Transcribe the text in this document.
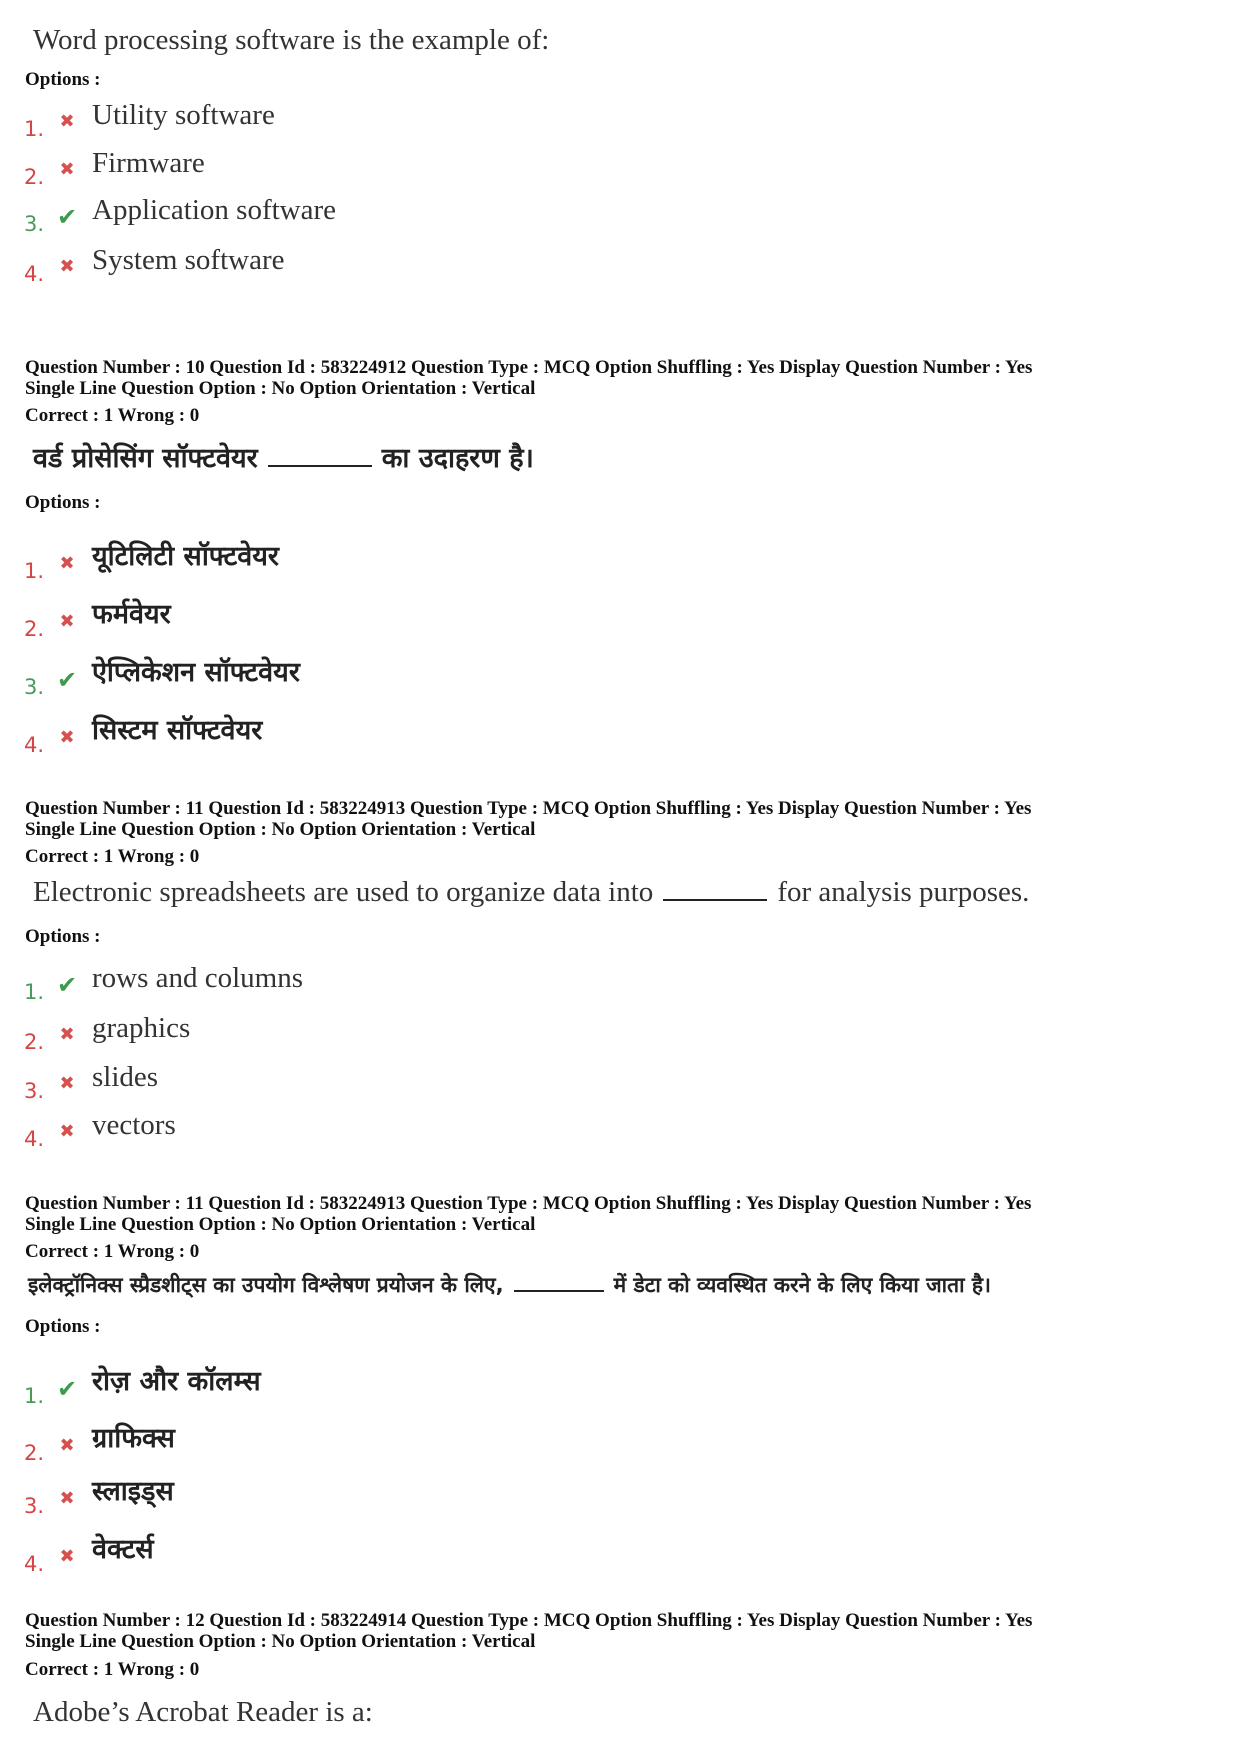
Word processing software is the example of:
Options :
1. ✖ Utility software
2. ✖ Firmware
3. ✔ Application software
4. ✖ System software
Question Number : 10 Question Id : 583224912 Question Type : MCQ Option Shuffling : Yes Display Question Number : Yes
Single Line Question Option : No Option Orientation : Vertical
Correct : 1 Wrong : 0
वर्ड प्रोसेसिंग सॉफ्टवेयर	का उदाहरण है।
Options :
1. ✖ यूटिलिटी सॉफ्टवेयर
2. ✖ फर्मवेयर
3. ✔ ऐप्लिकेशन सॉफ्टवेयर
4. ✖ सिस्टम सॉफ्टवेयर
Question Number : 11 Question Id : 583224913 Question Type : MCQ Option Shuffling : Yes Display Question Number : Yes
Single Line Question Option : No Option Orientation : Vertical
Correct : 1 Wrong : 0
Electronic spreadsheets are used to organize data into	for analysis purposes.
Options :
1. ✔ rows and columns
2. ✖ graphics
3. ✖ slides
4. ✖ vectors
Question Number : 11 Question Id : 583224913 Question Type : MCQ Option Shuffling : Yes Display Question Number : Yes
Single Line Question Option : No Option Orientation : Vertical
Correct : 1 Wrong : 0
इलेक्ट्रॉनिक्स स्प्रैडशीट्स का उपयोग विश्लेषण प्रयोजन के लिए,	में डेटा को व्यवस्थित करने के लिए किया जाता है।
Options :
1. ✔ रोज़ और कॉलम्स
2. ✖ ग्राफिक्स
3. ✖ स्लाइड्स
4. ✖ वेक्टर्स
Question Number : 12 Question Id : 583224914 Question Type : MCQ Option Shuffling : Yes Display Question Number : Yes
Single Line Question Option : No Option Orientation : Vertical
Correct : 1 Wrong : 0
Adobe’s Acrobat Reader is a:
